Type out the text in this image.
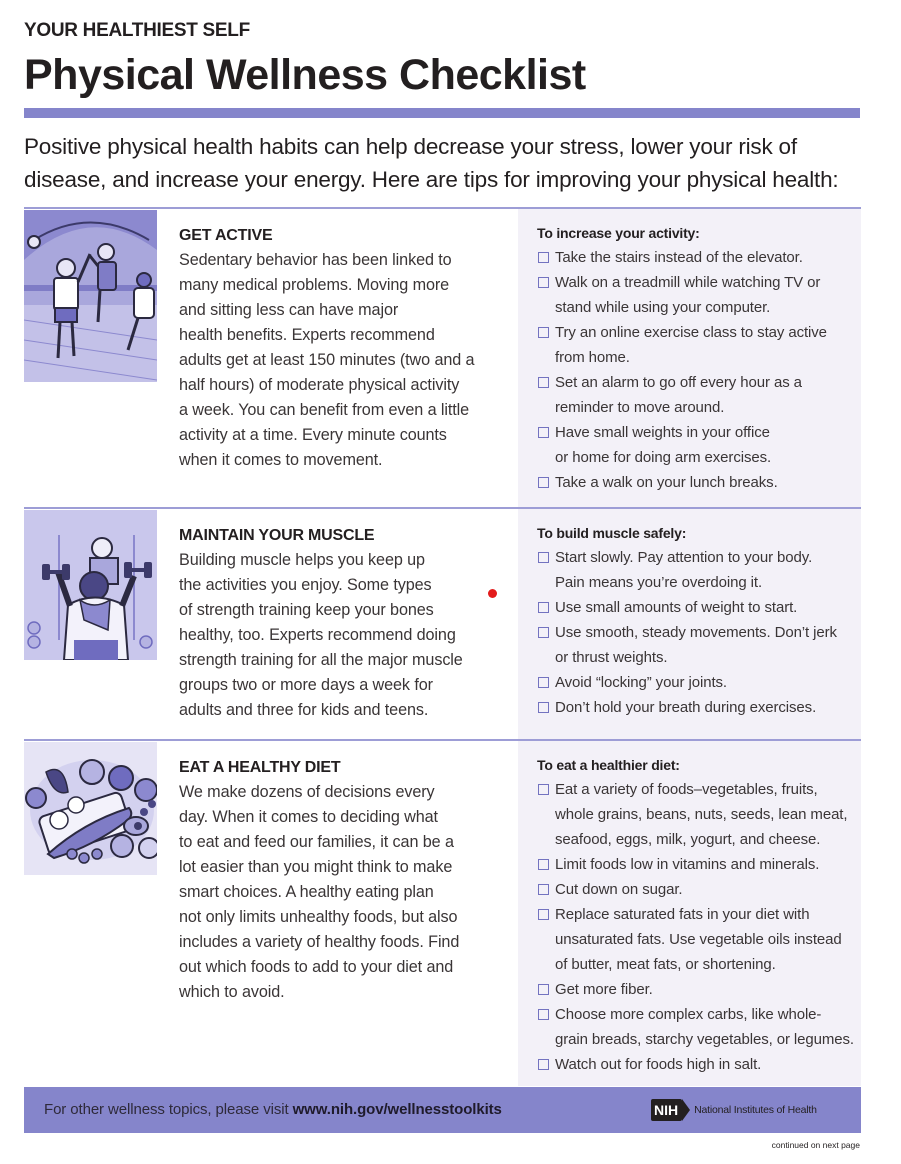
YOUR HEALTHIEST SELF
Physical Wellness Checklist

Positive physical health habits can help decrease your stress, lower your risk of disease, and increase your energy. Here are tips for improving your physical health:

GET ACTIVE
Sedentary behavior has been linked to
many medical problems. Moving more
and sitting less can have major
health benefits. Experts recommend
adults get at least 150 minutes (two and a
half hours) of moderate physical activity
a week. You can benefit from even a little
activity at a time. Every minute counts
when it comes to movement.
To increase your activity:
Take the stairs instead of the elevator.
Walk on a treadmill while watching TV or
stand while using your computer.
Try an online exercise class to stay active
from home.
Set an alarm to go off every hour as a
reminder to move around.
Have small weights in your office
or home for doing arm exercises.
Take a walk on your lunch breaks.
MAINTAIN YOUR MUSCLE
Building muscle helps you keep up
the activities you enjoy. Some types
of strength training keep your bones
healthy, too. Experts recommend doing
strength training for all the major muscle
groups two or more days a week for
adults and three for kids and teens.
To build muscle safely:
Start slowly. Pay attention to your body.
Pain means you’re overdoing it.
Use small amounts of weight to start.
Use smooth, steady movements. Don’t jerk
or thrust weights.
Avoid “locking” your joints.
Don’t hold your breath during exercises.
EAT A HEALTHY DIET
We make dozens of decisions every
day. When it comes to deciding what
to eat and feed our families, it can be a
lot easier than you might think to make
smart choices. A healthy eating plan
not only limits unhealthy foods, but also
includes a variety of healthy foods. Find
out which foods to add to your diet and
which to avoid.
To eat a healthier diet:
Eat a variety of foods–vegetables, fruits,
whole grains, beans, nuts, seeds, lean meat,
seafood, eggs, milk, yogurt, and cheese.
Limit foods low in vitamins and minerals.
Cut down on sugar.
Replace saturated fats in your diet with
unsaturated fats. Use vegetable oils instead
of butter, meat fats, or shortening.
Get more fiber.
Choose more complex carbs, like whole-
grain breads, starchy vegetables, or legumes.
Watch out for foods high in salt.
For other wellness topics, please visit www.nih.gov/wellnesstoolkits	NIH	National Institutes of Health
continued on next page
